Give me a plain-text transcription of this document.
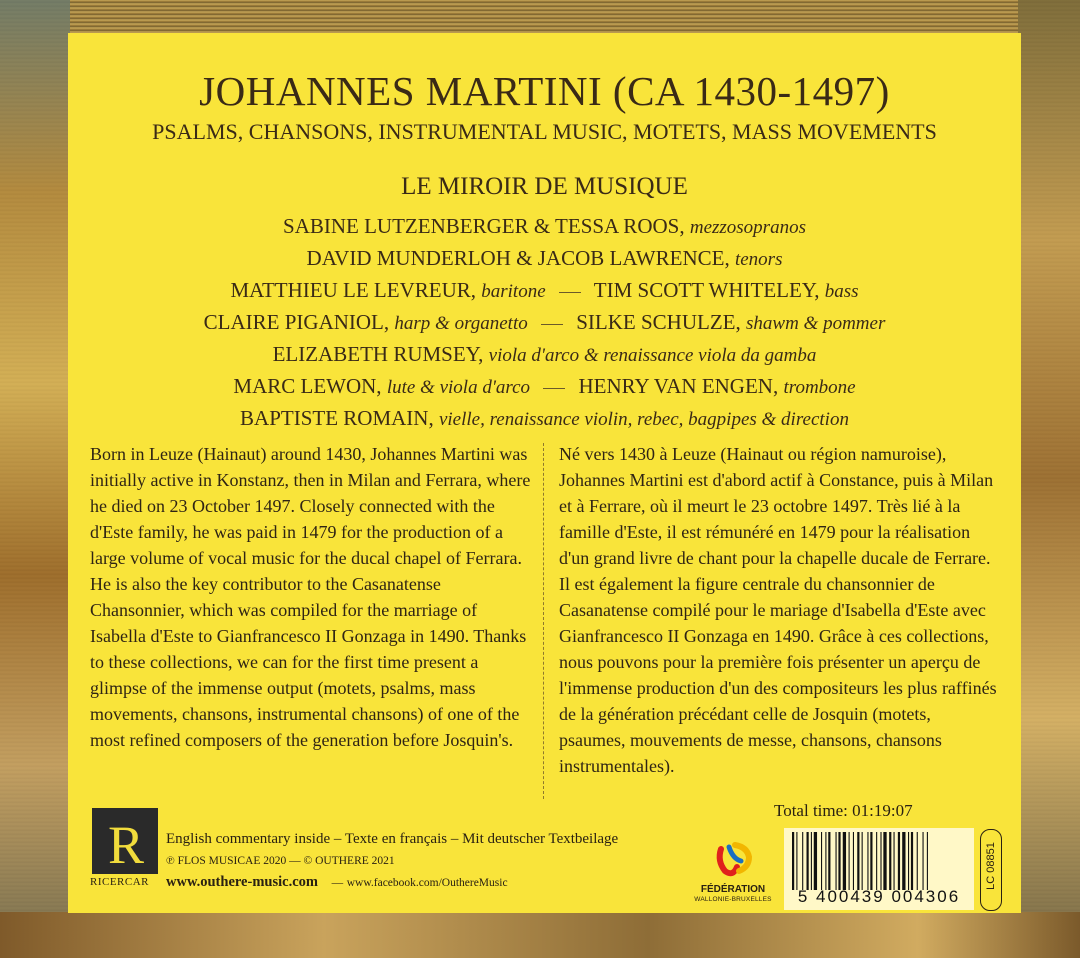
JOHANNES MARTINI (CA 1430-1497)
PSALMS, CHANSONS, INSTRUMENTAL MUSIC, MOTETS, MASS MOVEMENTS
LE MIROIR DE MUSIQUE
SABINE LUTZENBERGER & TESSA ROOS, mezzosopranos
DAVID MUNDERLOH & JACOB LAWRENCE, tenors
MATTHIEU LE LEVREUR, baritone TIM SCOTT WHITELEY, bass
CLAIRE PIGANIOL, harp & organetto SILKE SCHULZE, shawm & pommer
ELIZABETH RUMSEY, viola d'arco & renaissance viola da gamba
MARC LEWON, lute & viola d'arco HENRY VAN ENGEN, trombone
BAPTISTE ROMAIN, vielle, renaissance violin, rebec, bagpipes & direction
Born in Leuze (Hainaut) around 1430, Johannes Martini was initially active in Konstanz, then in Milan and Ferrara, where he died on 23 October 1497. Closely connected with the d'Este family, he was paid in 1479 for the production of a large volume of vocal music for the ducal chapel of Ferrara. He is also the key contributor to the Casanatense Chansonnier, which was compiled for the marriage of Isabella d'Este to Gianfrancesco II Gonzaga in 1490. Thanks to these collections, we can for the first time present a glimpse of the immense output (motets, psalms, mass movements, chansons, instrumental chansons) of one of the most refined composers of the generation before Josquin's.
Né vers 1430 à Leuze (Hainaut ou région namuroise), Johannes Martini est d'abord actif à Constance, puis à Milan et à Ferrare, où il meurt le 23 octobre 1497. Très lié à la famille d'Este, il est rémunéré en 1479 pour la réalisation d'un grand livre de chant pour la chapelle ducale de Ferrare. Il est également la figure centrale du chansonnier de Casanatense compilé pour le mariage d'Isabella d'Este avec Gianfrancesco II Gonzaga en 1490. Grâce à ces collections, nous pouvons pour la première fois présenter un aperçu de l'immense production d'un des compositeurs les plus raffinés de la génération précédant celle de Josquin (motets, psaumes, mouvements de messe, chansons, chansons instrumentales).
Total time: 01:19:07
R
RICERCAR
English commentary inside – Texte en français – Mit deutscher Textbeilage
℗ FLOS MUSICAE 2020 — © OUTHERE 2021
www.outhere-music.com — www.facebook.com/OuthereMusic
FÉDÉRATION
WALLONIE-BRUXELLES	5 400439 004306
LC 08851
